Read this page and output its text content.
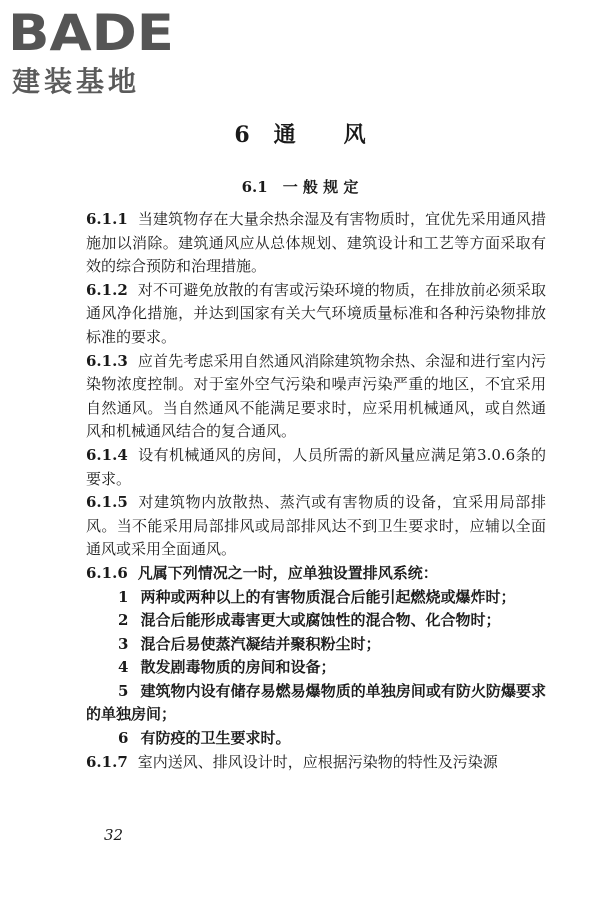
BADE
建装基地
6 通 风
6.1　一 般 规 定

6.1.1 当建筑物存在大量余热余湿及有害物质时，宜优先采用通风措施加以消除。建筑通风应从总体规划、建筑设计和工艺等方面采取有效的综合预防和治理措施。

6.1.2 对不可避免放散的有害或污染环境的物质，在排放前必须采取通风净化措施，并达到国家有关大气环境质量标准和各种污染物排放标准的要求。

6.1.3 应首先考虑采用自然通风消除建筑物余热、余湿和进行室内污染物浓度控制。对于室外空气污染和噪声污染严重的地区，不宜采用自然通风。当自然通风不能满足要求时，应采用机械通风，或自然通风和机械通风结合的复合通风。

6.1.4 设有机械通风的房间，人员所需的新风量应满足第3.0.6条的要求。

6.1.5 对建筑物内放散热、蒸汽或有害物质的设备，宜采用局部排风。当不能采用局部排风或局部排风达不到卫生要求时，应辅以全面通风或采用全面通风。

6.1.6 凡属下列情况之一时，应单独设置排风系统：

1 两种或两种以上的有害物质混合后能引起燃烧或爆炸时；

2 混合后能形成毒害更大或腐蚀性的混合物、化合物时；

3 混合后易使蒸汽凝结并聚积粉尘时；

4 散发剧毒物质的房间和设备；

5 建筑物内设有储存易燃易爆物质的单独房间或有防火防爆要求的单独房间；

6 有防疫的卫生要求时。

6.1.7 室内送风、排风设计时，应根据污染物的特性及污染源

32
